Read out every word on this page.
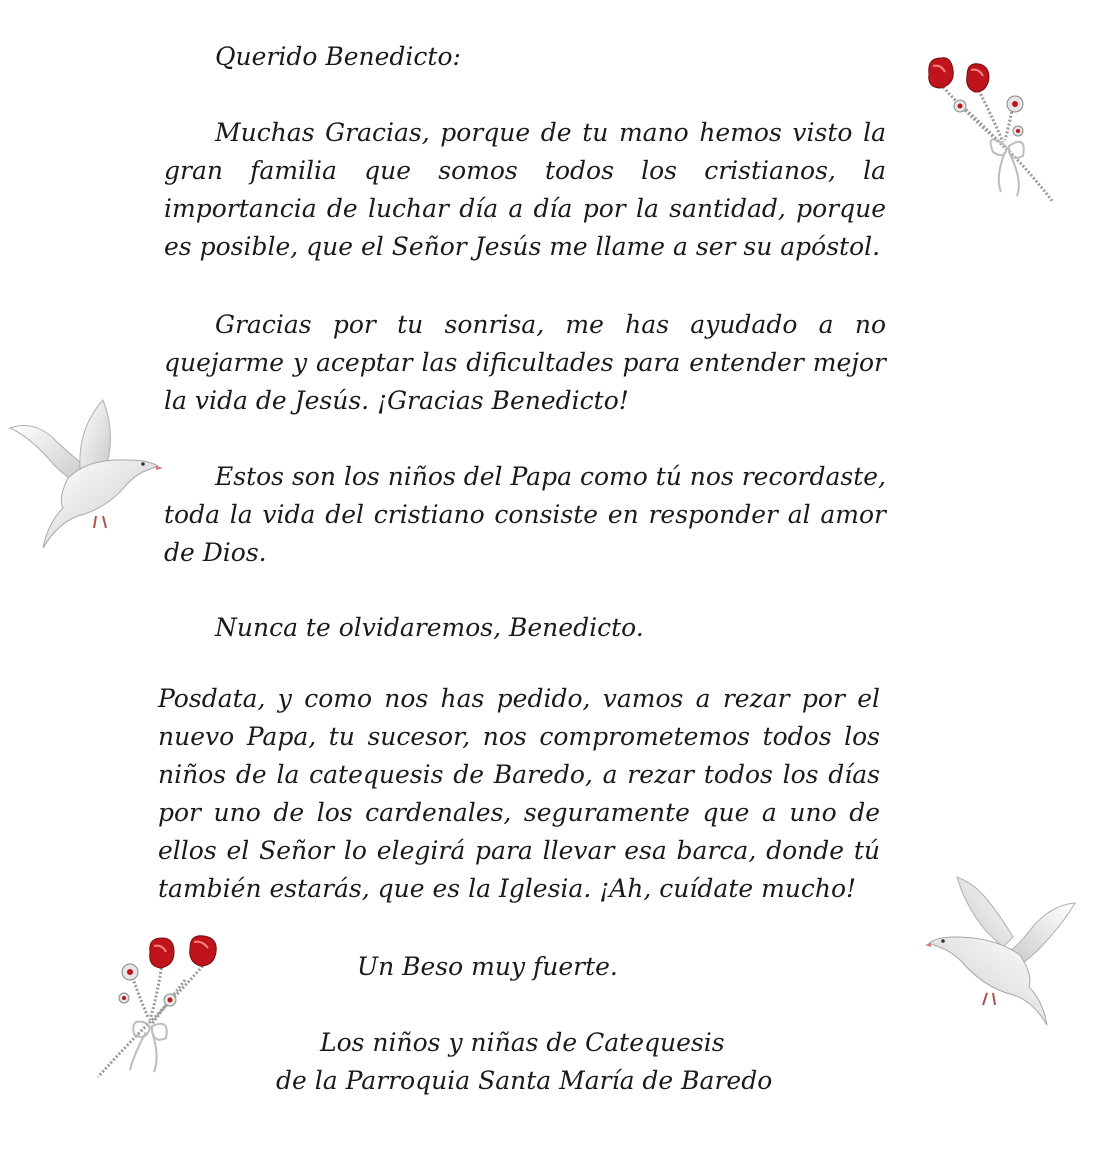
Querido Benedicto:
Muchas Gracias, porque de tu mano hemos visto la
gran familia que somos todos los cristianos, la
importancia de luchar día a día por la santidad, porque
es posible, que el Señor Jesús me llame a ser su apóstol.
Gracias por tu sonrisa, me has ayudado a no
quejarme y aceptar las dificultades para entender mejor
la vida de Jesús. ¡Gracias Benedicto!
Estos son los niños del Papa como tú nos recordaste,
toda la vida del cristiano consiste en responder al amor
de Dios.
Nunca te olvidaremos, Benedicto.
Posdata, y como nos has pedido, vamos a rezar por el
nuevo Papa, tu sucesor, nos comprometemos todos los
niños de la catequesis de Baredo, a rezar todos los días
por uno de los cardenales, seguramente que a uno de
ellos el Señor lo elegirá para llevar esa barca, donde tú
también estarás, que es la Iglesia. ¡Ah, cuídate mucho!
Un Beso muy fuerte.
Los niños y niñas de Catequesis
de la Parroquia Santa María de Baredo
